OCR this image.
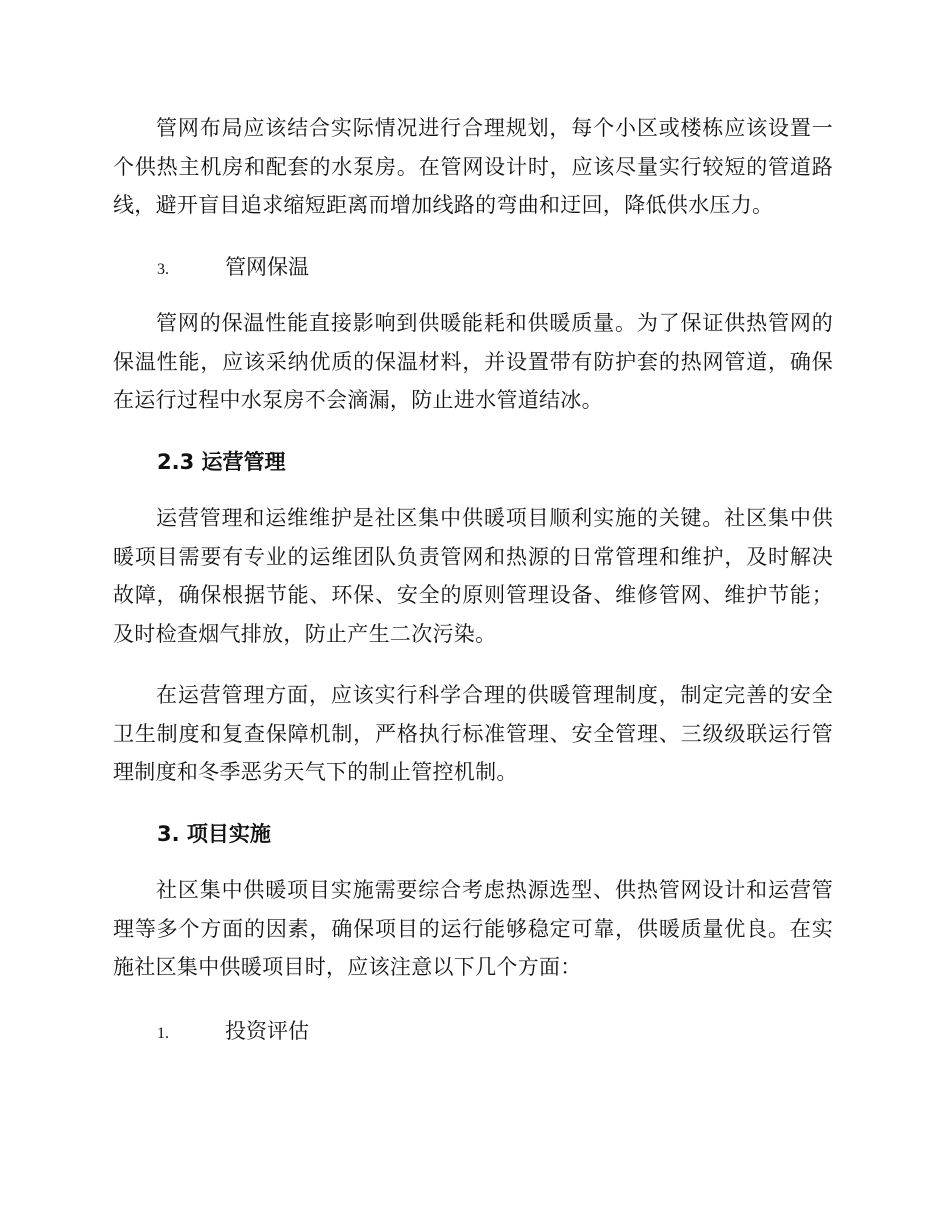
管网布局应该结合实际情况进行合理规划，每个小区或楼栋应该设置一个供热主机房和配套的水泵房。在管网设计时，应该尽量实行较短的管道路线，避开盲目追求缩短距离而增加线路的弯曲和迂回，降低供水压力。

3.	管网保温

管网的保温性能直接影响到供暖能耗和供暖质量。为了保证供热管网的保温性能，应该采纳优质的保温材料，并设置带有防护套的热网管道，确保在运行过程中水泵房不会滴漏，防止进水管道结冰。

2.3 运营管理

运营管理和运维维护是社区集中供暖项目顺利实施的关键。社区集中供暖项目需要有专业的运维团队负责管网和热源的日常管理和维护，及时解决故障，确保根据节能、环保、安全的原则管理设备、维修管网、维护节能；及时检查烟气排放，防止产生二次污染。

在运营管理方面，应该实行科学合理的供暖管理制度，制定完善的安全卫生制度和复查保障机制，严格执行标准管理、安全管理、三级级联运行管理制度和冬季恶劣天气下的制止管控机制。

3. 项目实施

社区集中供暖项目实施需要综合考虑热源选型、供热管网设计和运营管理等多个方面的因素，确保项目的运行能够稳定可靠，供暖质量优良。在实施社区集中供暖项目时，应该注意以下几个方面：

1.	投资评估
